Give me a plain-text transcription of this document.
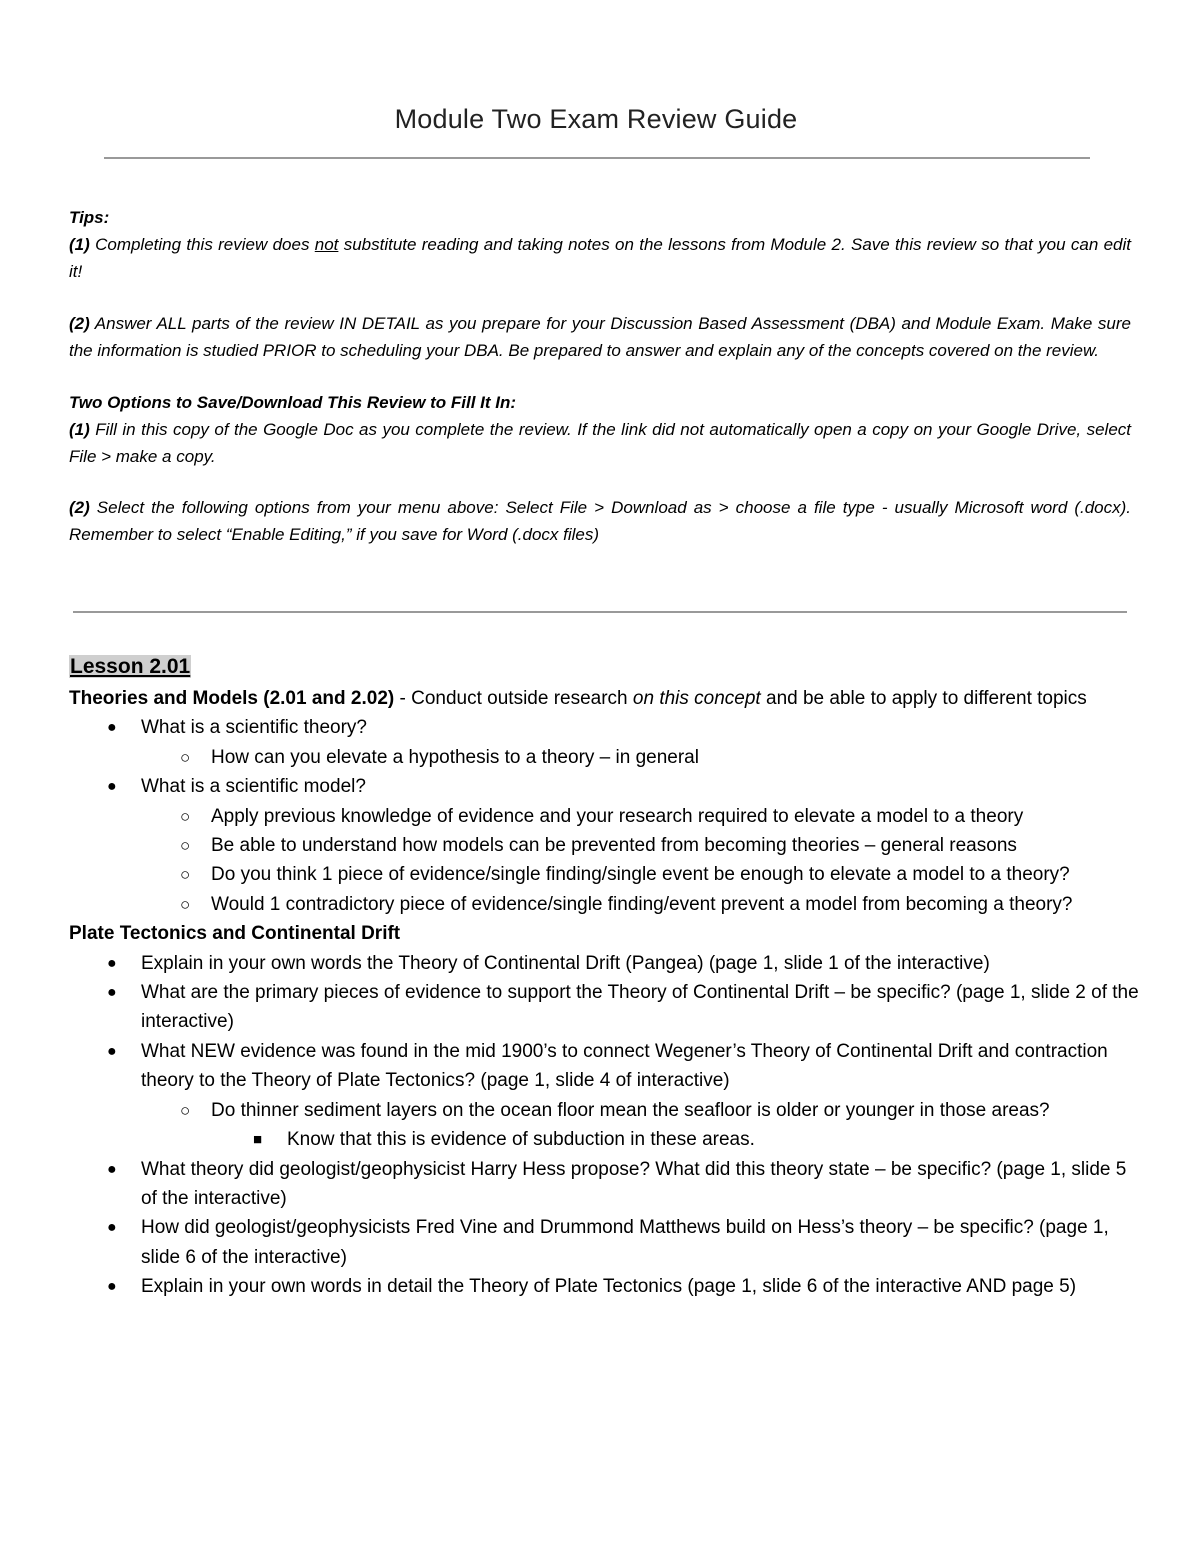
Module Two Exam Review Guide

Tips:

(1) Completing this review does not substitute reading and taking notes on the lessons from Module 2. Save this review so that you can edit it!

(2) Answer ALL parts of the review IN DETAIL as you prepare for your Discussion Based Assessment (DBA) and Module Exam. Make sure the information is studied PRIOR to scheduling your DBA. Be prepared to answer and explain any of the concepts covered on the review.

Two Options to Save/Download This Review to Fill It In:

(1) Fill in this copy of the Google Doc as you complete the review. If the link did not automatically open a copy on your Google Drive, select File > make a copy.

(2) Select the following options from your menu above: Select File > Download as > choose a file type - usually Microsoft word (.docx). Remember to select “Enable Editing,” if you save for Word (.docx files)

Lesson 2.01

Theories and Models (2.01 and 2.02) - Conduct outside research on this concept and be able to apply to different topics

● What is a scientific theory?
○ How can you elevate a hypothesis to a theory – in general
● What is a scientific model?
○ Apply previous knowledge of evidence and your research required to elevate a model to a theory
○ Be able to understand how models can be prevented from becoming theories – general reasons
○ Do you think 1 piece of evidence/single finding/single event be enough to elevate a model to a theory?
○ Would 1 contradictory piece of evidence/single finding/event prevent a model from becoming a theory?

Plate Tectonics and Continental Drift

● Explain in your own words the Theory of Continental Drift (Pangea) (page 1, slide 1 of the interactive)
● What are the primary pieces of evidence to support the Theory of Continental Drift – be specific? (page 1, slide 2 of the interactive)
● What NEW evidence was found in the mid 1900’s to connect Wegener’s Theory of Continental Drift and contraction theory to the Theory of Plate Tectonics? (page 1, slide 4 of interactive)
○ Do thinner sediment layers on the ocean floor mean the seafloor is older or younger in those areas?
■ Know that this is evidence of subduction in these areas.
● What theory did geologist/geophysicist Harry Hess propose? What did this theory state – be specific? (page 1, slide 5 of the interactive)
● How did geologist/geophysicists Fred Vine and Drummond Matthews build on Hess’s theory – be specific? (page 1, slide 6 of the interactive)
● Explain in your own words in detail the Theory of Plate Tectonics (page 1, slide 6 of the interactive AND page 5)
